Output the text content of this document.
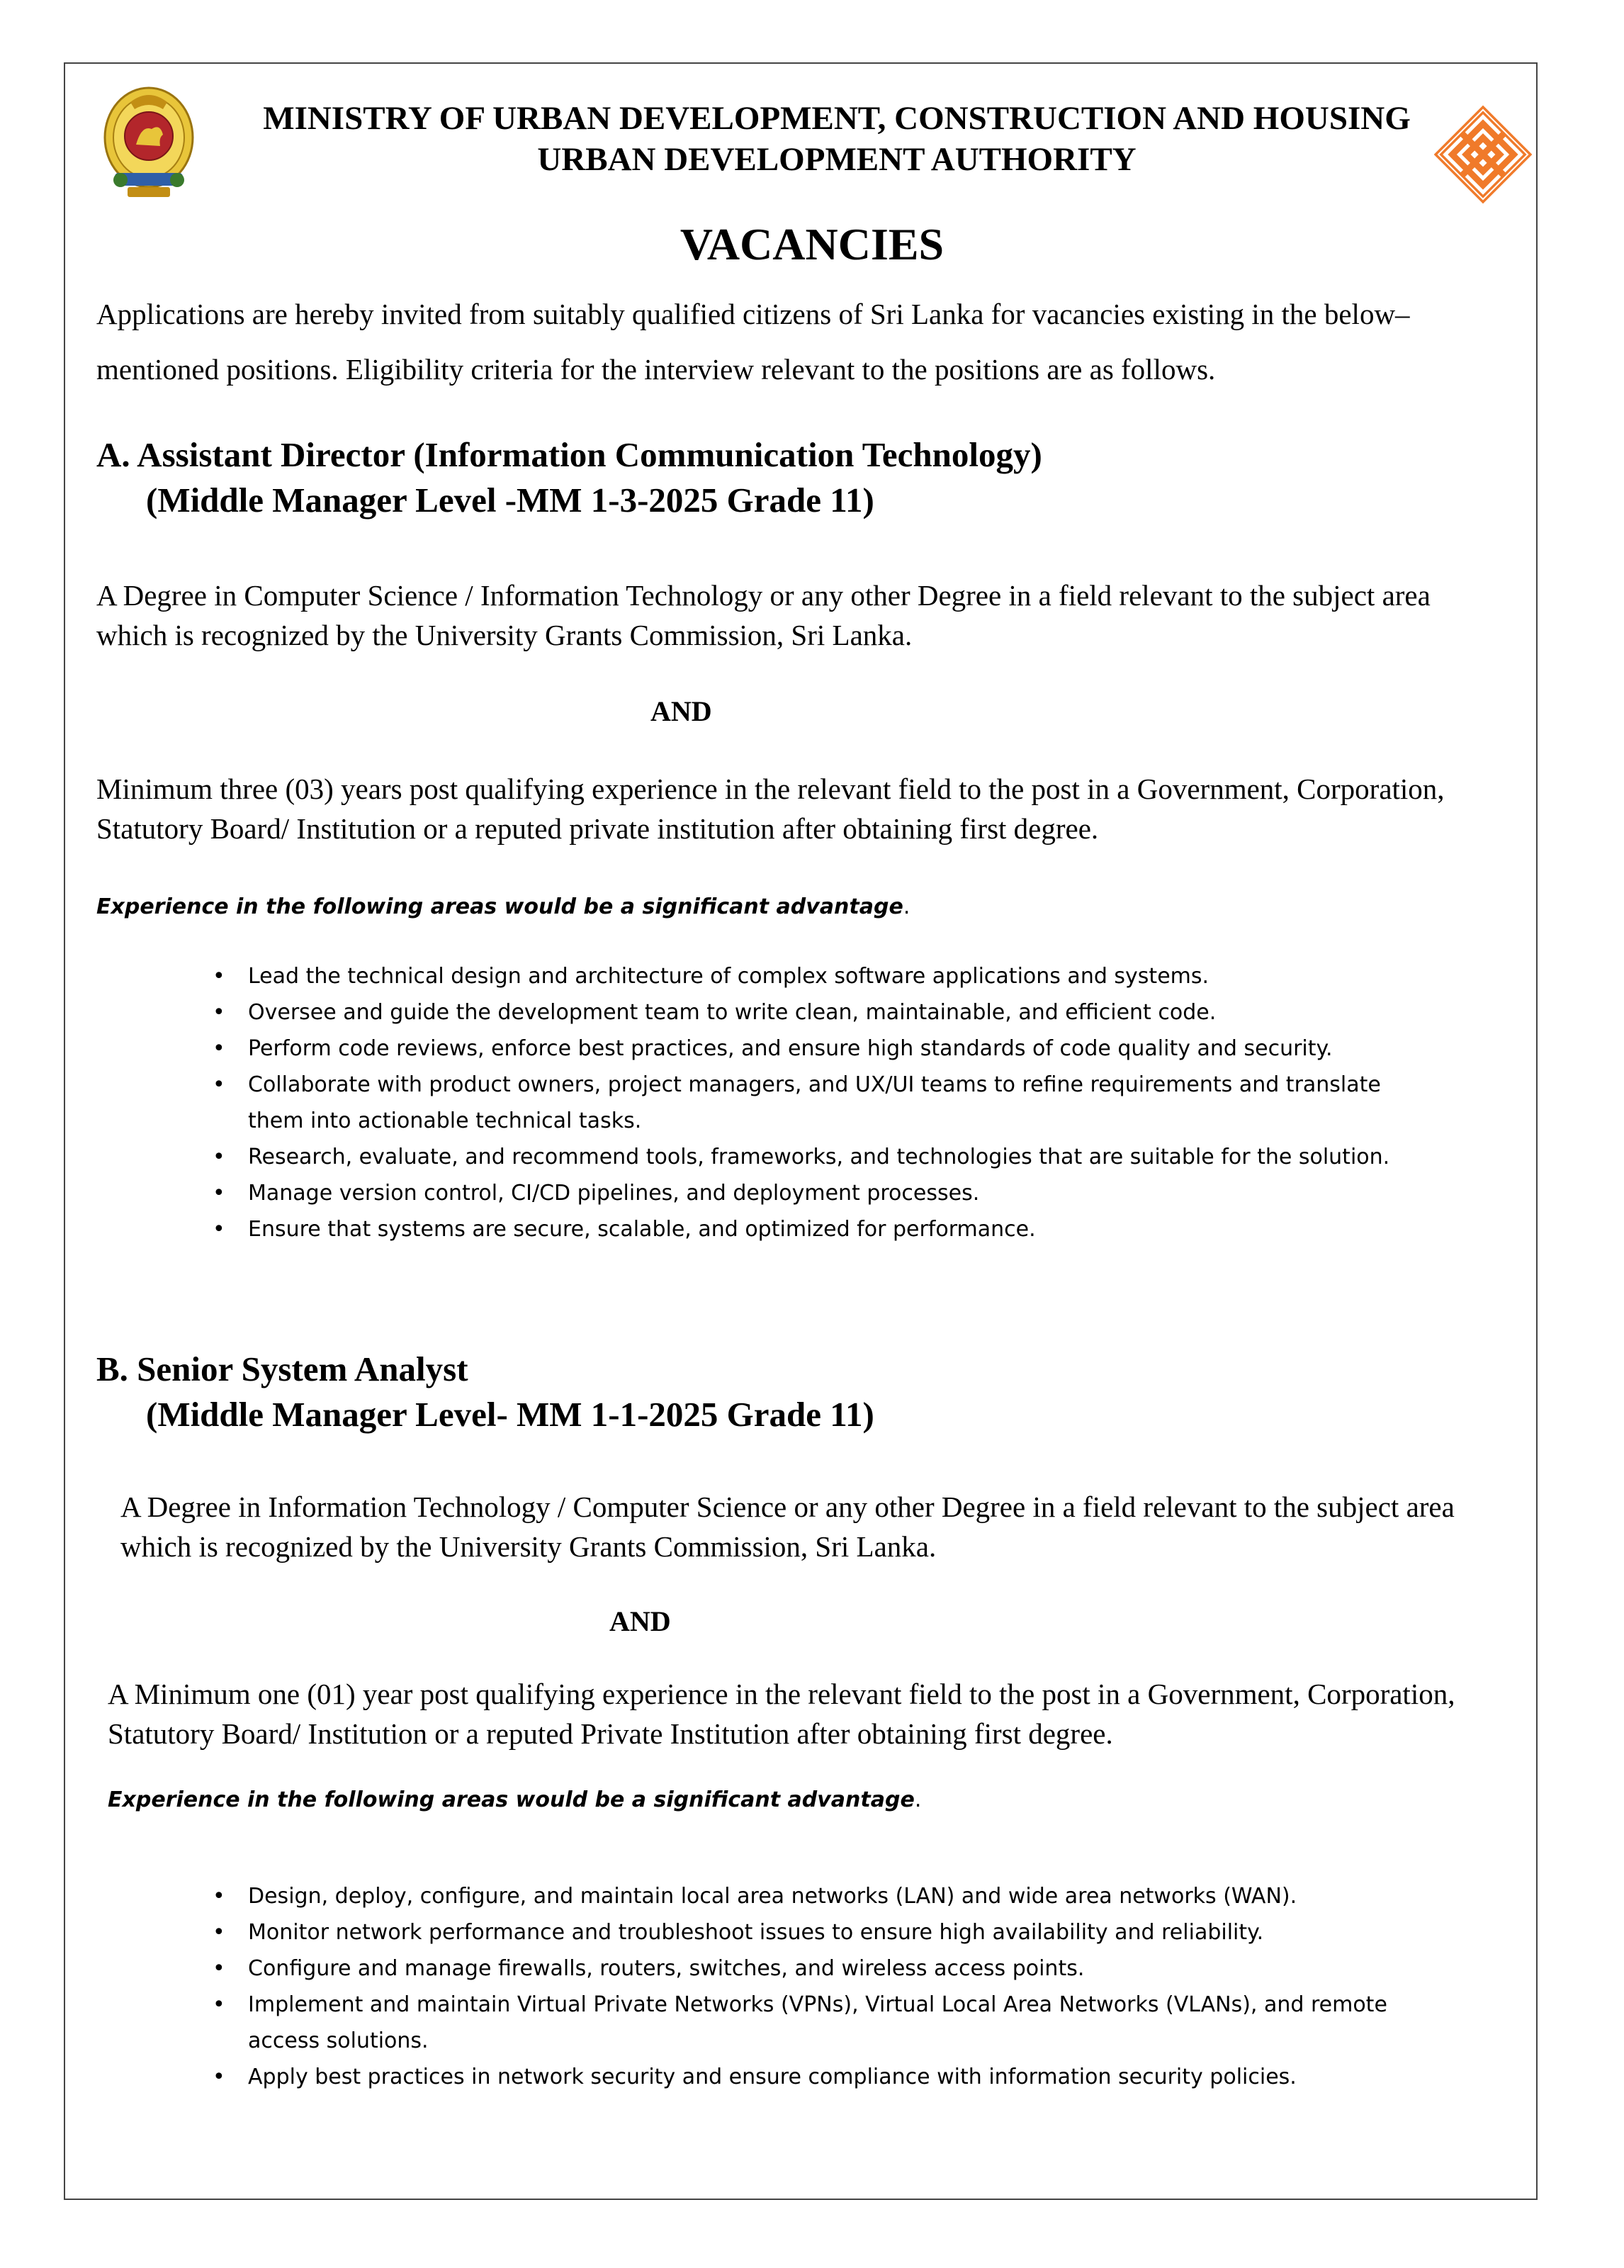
MINISTRY OF URBAN DEVELOPMENT, CONSTRUCTION AND HOUSING
URBAN DEVELOPMENT AUTHORITY
VACANCIES

Applications are hereby invited from suitably qualified citizens of Sri Lanka for vacancies existing in the below–mentioned positions. Eligibility criteria for the interview relevant to the positions are as follows.

A. Assistant Director (Information Communication Technology)
(Middle Manager Level -MM 1-3-2025 Grade 11)

A Degree in Computer Science / Information Technology or any other Degree in a field relevant to the subject area which is recognized by the University Grants Commission, Sri Lanka.

AND

Minimum three (03) years post qualifying experience in the relevant field to the post in a Government, Corporation, Statutory Board/ Institution or a reputed private institution after obtaining first degree.

Experience in the following areas would be a significant advantage.
• Lead the technical design and architecture of complex software applications and systems.
• Oversee and guide the development team to write clean, maintainable, and efficient code.
• Perform code reviews, enforce best practices, and ensure high standards of code quality and security.
• Collaborate with product owners, project managers, and UX/UI teams to refine requirements and translate them into actionable technical tasks.
• Research, evaluate, and recommend tools, frameworks, and technologies that are suitable for the solution.
• Manage version control, CI/CD pipelines, and deployment processes.
• Ensure that systems are secure, scalable, and optimized for performance.
B. Senior System Analyst
(Middle Manager Level- MM 1-1-2025 Grade 11)

A Degree in Information Technology / Computer Science or any other Degree in a field relevant to the subject area which is recognized by the University Grants Commission, Sri Lanka.

AND

A Minimum one (01) year post qualifying experience in the relevant field to the post in a Government, Corporation, Statutory Board/ Institution or a reputed Private Institution after obtaining first degree.

Experience in the following areas would be a significant advantage.
• Design, deploy, configure, and maintain local area networks (LAN) and wide area networks (WAN).
• Monitor network performance and troubleshoot issues to ensure high availability and reliability.
• Configure and manage firewalls, routers, switches, and wireless access points.
• Implement and maintain Virtual Private Networks (VPNs), Virtual Local Area Networks (VLANs), and remote access solutions.
• Apply best practices in network security and ensure compliance with information security policies.
